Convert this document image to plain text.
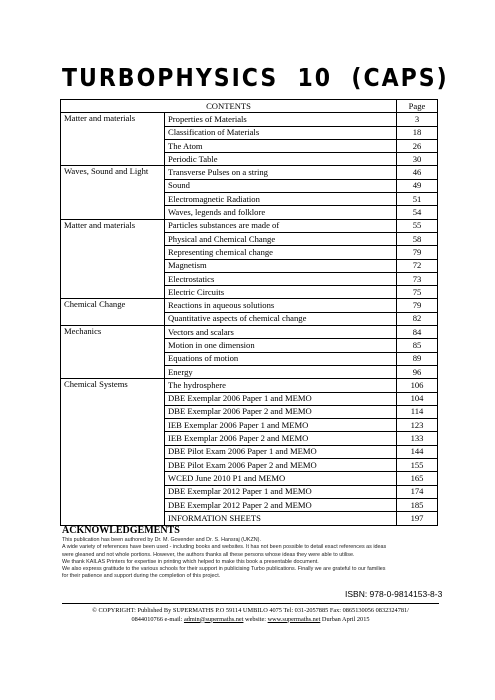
TURBOPHYSICS  10  (CAPS)
CONTENTS		Page
Matter and materials	Properties of Materials	3
	Classification of Materials	18
	The Atom	26
	Periodic Table	30
Waves, Sound and Light	Transverse Pulses on a string	46
	Sound	49
	Electromagnetic Radiation	51
	Waves, legends and folklore	54
Matter and materials	Particles substances are made of	55
	Physical and Chemical Change	58
	Representing chemical change	79
	Magnetism	72
	Electrostatics	73
	Electric Circuits	75
Chemical Change	Reactions in aqueous solutions	79
	Quantitative aspects of chemical change	82
Mechanics	Vectors and scalars	84
	Motion in one dimension	85
	Equations of motion	89
	Energy	96
Chemical Systems	The hydrosphere	106
	DBE Exemplar 2006 Paper 1 and MEMO	104
	DBE Exemplar 2006 Paper 2 and MEMO	114
	IEB Exemplar 2006 Paper 1 and MEMO	123
	IEB Exemplar 2006 Paper 2 and MEMO	133
	DBE Pilot Exam 2006 Paper 1 and MEMO	144
	DBE Pilot Exam 2006 Paper 2 and MEMO	155
	WCED June 2010 P1 and MEMO	165
	DBE Exemplar 2012 Paper 1 and MEMO	174
	DBE Exemplar 2012 Paper 2 and MEMO	185
	INFORMATION SHEETS	197
ACKNOWLEDGEMENTS
This publication has been authored by Dr. M. Govender and Dr. S. Hansraj (UKZN).
A wide variety of references have been used - including books and websites. It has not been possible to detail exact references as ideas
were gleaned and not whole portions. However, the authors thanks all these persons whose ideas they were able to utilise.
We thank KAILAS Printers for expertise in printing which helped to make this book a presentable document.
We also express gratitude to the various schools for their support in publicising Turbo publications. Finally we are grateful to our families
for their patience and support during the completion of this project.
ISBN: 978-0-9814153-8-3
© COPYRIGHT: Published By SUPERMATHS P.O 59114 UMBILO 4075 Tel: 031-2057885 Fax: 0865130056 0832324781/
0844010766 e-mail: admin@supermaths.net website: www.supermaths.net Durban April 2015
